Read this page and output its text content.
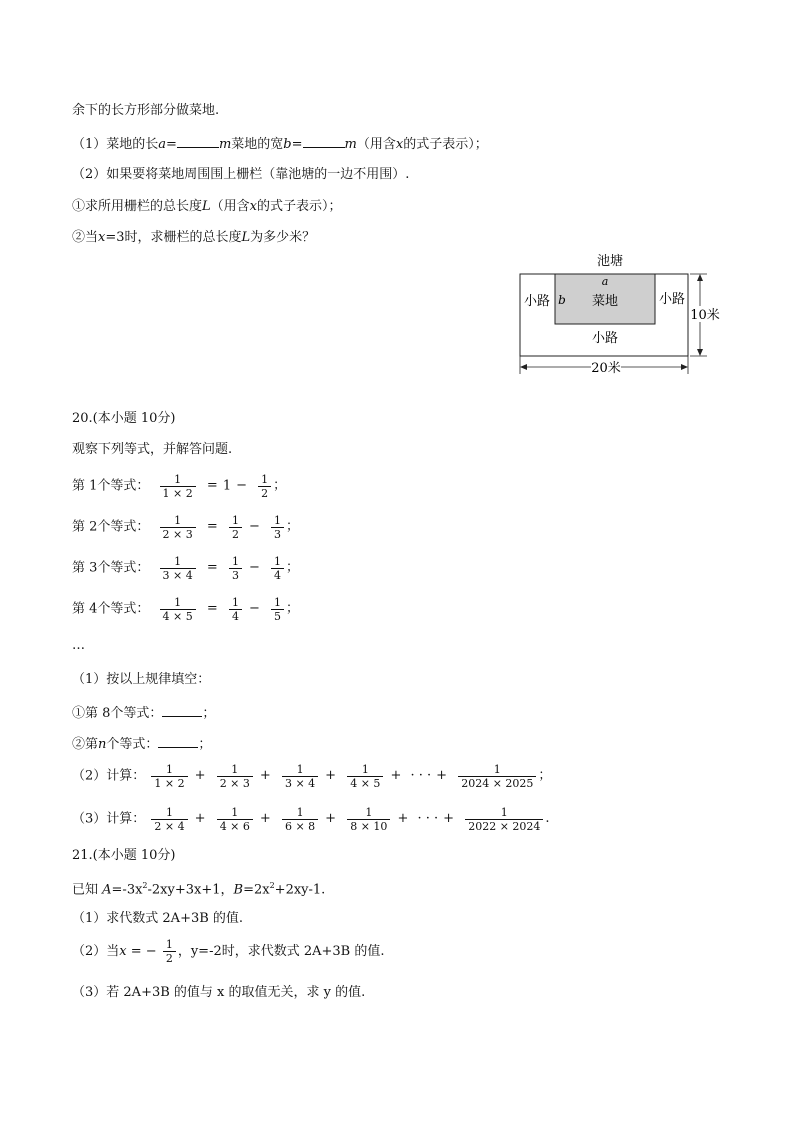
余下的长方形部分做菜地.
（1）菜地的长a=	m菜地的宽b=	m（用含x的式子表示）；
（2）如果要将菜地周围围上栅栏（靠池塘的一边不用围）.
①求所用栅栏的总长度L（用含x的式子表示）；
②当x=3时，求栅栏的总长度L为多少米？
池塘
a
b 菜地
小路	小路
小路
10米
20米
20.(本小题 10分)
观察下列等式，并解答问题.
第 1个等式： $\frac{1}{1 \times 2} = 1 - \frac{1}{2}$ ；
第 2个等式： $\frac{1}{2 \times 3} = \frac{1}{2} - \frac{1}{3}$ ；
第 3个等式： $\frac{1}{3 \times 4} = \frac{1}{3} - \frac{1}{4}$ ；
第 4个等式： $\frac{1}{4 \times 5} = \frac{1}{4} - \frac{1}{5}$ ；
…
（1）按以上规律填空：
①第 8个等式：	；
②第n个等式：	；
（2）计算： $\frac{1}{1 \times 2} + \frac{1}{2 \times 3} + \frac{1}{3 \times 4} + \frac{1}{4 \times 5}$ + · · · + $\frac{1}{2024 \times 2025}$ ；
（3）计算： $\frac{1}{2 \times 4} + \frac{1}{4 \times 6} + \frac{1}{6 \times 8} + \frac{1}{8 \times 10}$ + · · · + $\frac{1}{2022 \times 2024}$ .
21.(本小题 10分)
已知 $A=-3x^2-2xy+3x+1$，$B=2x^2+2xy-1$.
（1）求代数式 2A+3B 的值.
（2）当x = − $\frac{1}{2}$ ，y=-2时，求代数式 2A+3B 的值.
（3）若 2A+3B 的值与 x 的取值无关，求 y 的值.
